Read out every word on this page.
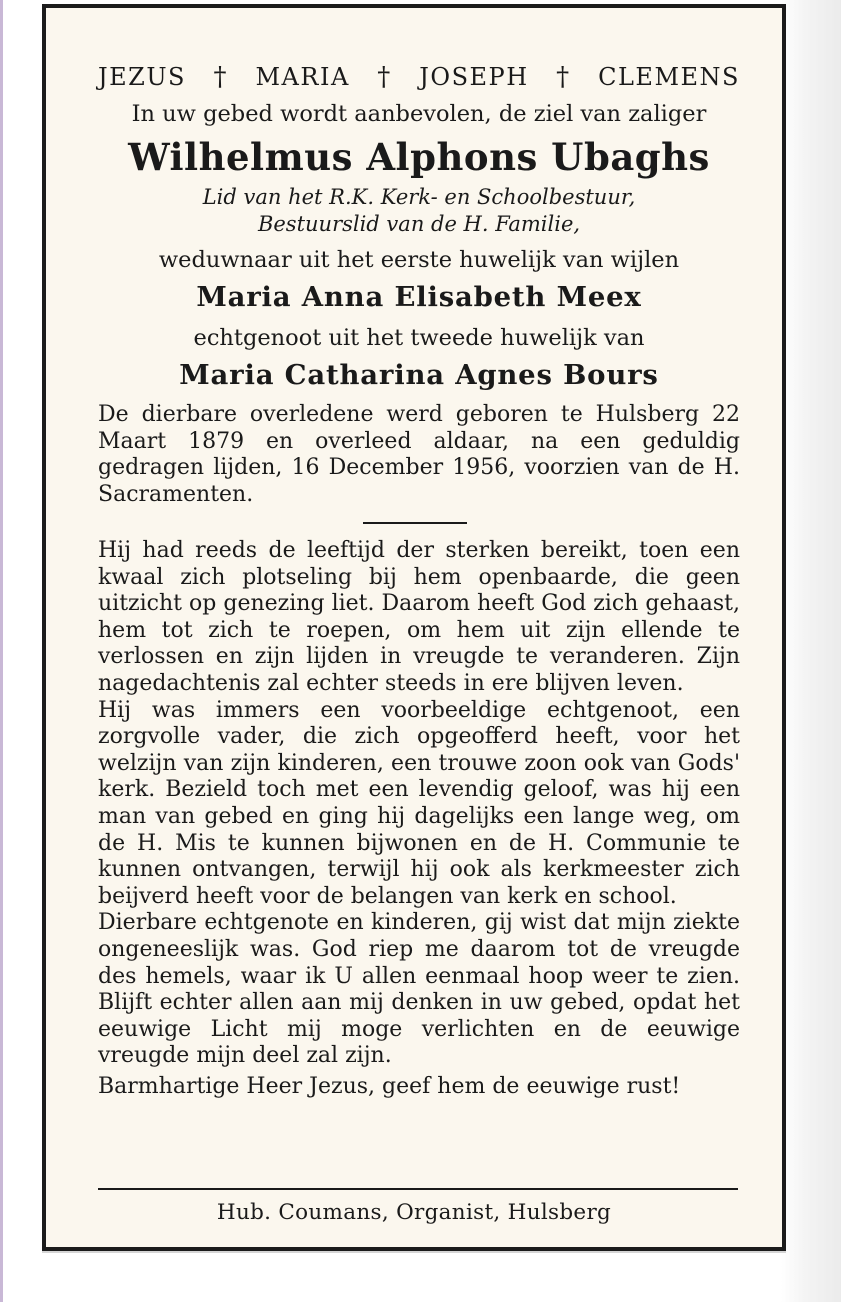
JEZUS † MARIA † JOSEPH † CLEMENS
In uw gebed wordt aanbevolen, de ziel van zaliger
Wilhelmus Alphons Ubaghs
Lid van het R.K. Kerk- en Schoolbestuur,
Bestuurslid van de H. Familie,
weduwnaar uit het eerste huwelijk van wijlen
Maria Anna Elisabeth Meex
echtgenoot uit het tweede huwelijk van
Maria Catharina Agnes Bours
De dierbare overledene werd geboren te Hulsberg 22 Maart 1879 en overleed aldaar, na een geduldig gedragen lijden, 16 December 1956, voorzien van de H. Sacramenten.
Hij had reeds de leeftijd der sterken bereikt, toen een kwaal zich plotseling bij hem openbaarde, die geen uitzicht op genezing liet. Daarom heeft God zich gehaast, hem tot zich te roepen, om hem uit zijn ellende te verlossen en zijn lijden in vreugde te veranderen. Zijn nagedachtenis zal echter steeds in ere blijven leven.
Hij was immers een voorbeeldige echtgenoot, een zorgvolle vader, die zich opgeofferd heeft, voor het welzijn van zijn kinderen, een trouwe zoon ook van Gods' kerk. Bezield toch met een levendig geloof, was hij een man van gebed en ging hij dagelijks een lange weg, om de H. Mis te kunnen bijwonen en de H. Communie te kunnen ontvangen, terwijl hij ook als kerkmeester zich beijverd heeft voor de belangen van kerk en school.
Dierbare echtgenote en kinderen, gij wist dat mijn ziekte ongeneeslijk was. God riep me daarom tot de vreugde des hemels, waar ik U allen eenmaal hoop weer te zien. Blijft echter allen aan mij denken in uw gebed, opdat het eeuwige Licht mij moge verlichten en de eeuwige vreugde mijn deel zal zijn.
Barmhartige Heer Jezus, geef hem de eeuwige rust!
Hub. Coumans, Organist, Hulsberg
